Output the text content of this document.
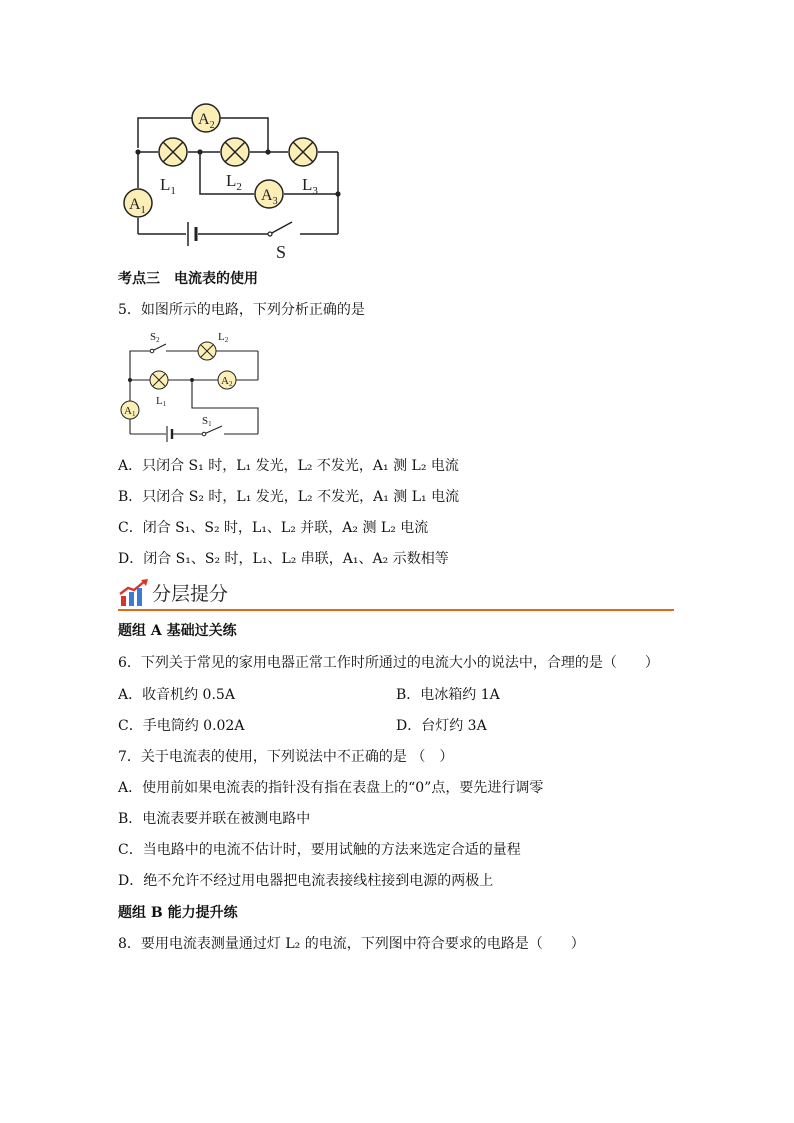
$A_2$
$A_3$
$A_1$
$L_1$
$L_2$	$L_3$
S
考点三　电流表的使用
5．如图所示的电路，下列分析正确的是
A2
A1
S2	L2
L1
S1
A．只闭合 S₁ 时，L₁ 发光，L₂ 不发光，A₁ 测 L₂ 电流
B．只闭合 S₂ 时，L₁ 发光，L₂ 不发光，A₁ 测 L₁ 电流
C．闭合 S₁、S₂ 时，L₁、L₂ 并联，A₂ 测 L₂ 电流
D．闭合 S₁、S₂ 时，L₁、L₂ 串联，A₁、A₂ 示数相等
分层提分
题组 A 基础过关练
6．下列关于常见的家用电器正常工作时所通过的电流大小的说法中，合理的是（　　）
A．收音机约 0.5A	B．电冰箱约 1A
C．手电筒约 0.02A	D．台灯约 3A
7．关于电流表的使用，下列说法中不正确的是 （　）
A．使用前如果电流表的指针没有指在表盘上的“0”点，要先进行调零
B．电流表要并联在被测电路中
C．当电路中的电流不估计时，要用试触的方法来选定合适的量程
D．绝不允许不经过用电器把电流表接线柱接到电源的两极上
题组 B 能力提升练
8．要用电流表测量通过灯 L₂ 的电流，下列图中符合要求的电路是（　　）
